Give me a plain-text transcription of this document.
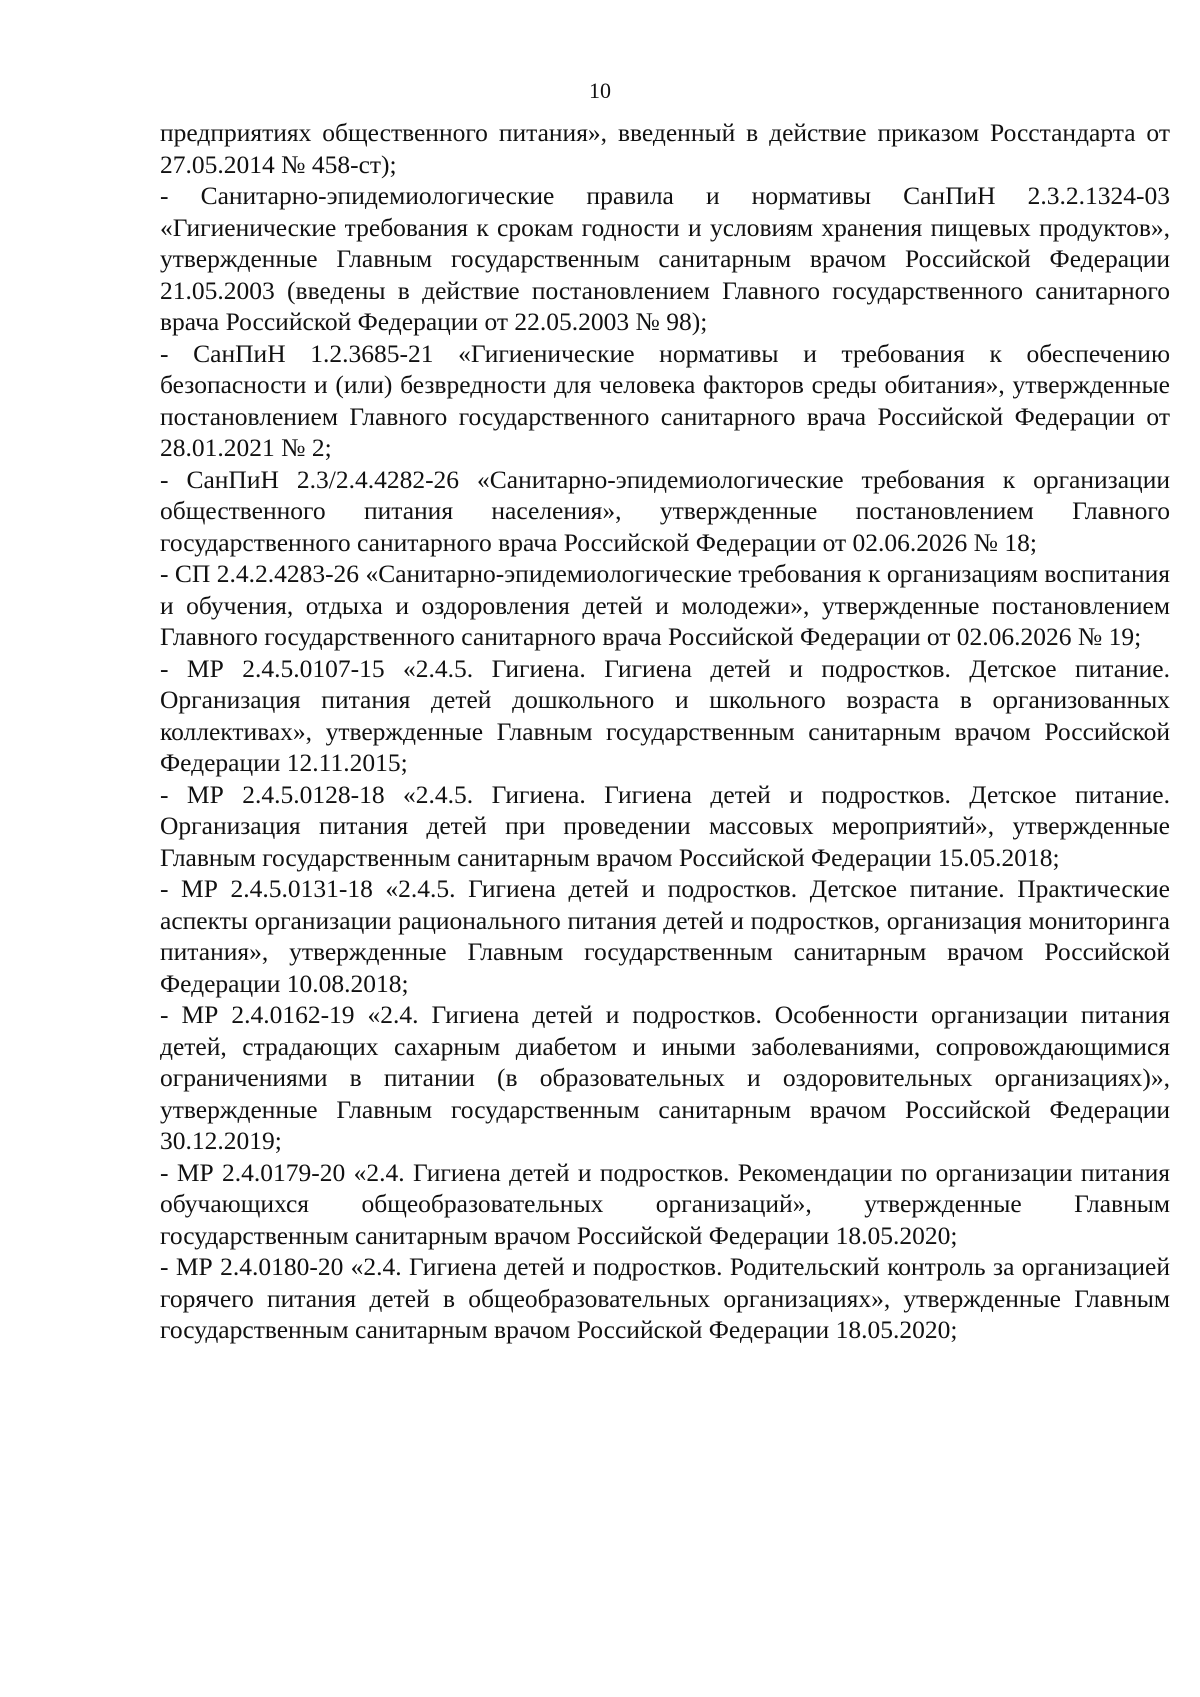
10

предприятиях общественного питания», введенный в действие приказом Росстандарта от 27.05.2014 № 458-ст);

- Санитарно-эпидемиологические правила и нормативы СанПиН 2.3.2.1324-03 «Гигиенические требования к срокам годности и условиям хранения пищевых продуктов», утвержденные Главным государственным санитарным врачом Российской Федерации 21.05.2003 (введены в действие постановлением Главного государственного санитарного врача Российской Федерации от 22.05.2003 № 98);

- СанПиН 1.2.3685-21 «Гигиенические нормативы и требования к обеспечению безопасности и (или) безвредности для человека факторов среды обитания», утвержденные постановлением Главного государственного санитарного врача Российской Федерации от 28.01.2021 № 2;

- СанПиН 2.3/2.4.4282-26 «Санитарно-эпидемиологические требования к организации общественного питания населения», утвержденные постановлением Главного государственного санитарного врача Российской Федерации от 02.06.2026 № 18;

- СП 2.4.2.4283-26 «Санитарно-эпидемиологические требования к организациям воспитания и обучения, отдыха и оздоровления детей и молодежи», утвержденные постановлением Главного государственного санитарного врача Российской Федерации от 02.06.2026 № 19;

- МР 2.4.5.0107-15 «2.4.5. Гигиена. Гигиена детей и подростков. Детское питание. Организация питания детей дошкольного и школьного возраста в организованных коллективах», утвержденные Главным государственным санитарным врачом Российской Федерации 12.11.2015;

- МР 2.4.5.0128-18 «2.4.5. Гигиена. Гигиена детей и подростков. Детское питание. Организация питания детей при проведении массовых мероприятий», утвержденные Главным государственным санитарным врачом Российской Федерации 15.05.2018;

- МР 2.4.5.0131-18 «2.4.5. Гигиена детей и подростков. Детское питание. Практические аспекты организации рационального питания детей и подростков, организация мониторинга питания», утвержденные Главным государственным санитарным врачом Российской Федерации 10.08.2018;

- МР 2.4.0162-19 «2.4. Гигиена детей и подростков. Особенности организации питания детей, страдающих сахарным диабетом и иными заболеваниями, сопровождающимися ограничениями в питании (в образовательных и оздоровительных организациях)», утвержденные Главным государственным санитарным врачом Российской Федерации 30.12.2019;

- МР 2.4.0179-20 «2.4. Гигиена детей и подростков. Рекомендации по организации питания обучающихся общеобразовательных организаций», утвержденные Главным государственным санитарным врачом Российской Федерации 18.05.2020;

- МР 2.4.0180-20 «2.4. Гигиена детей и подростков. Родительский контроль за организацией горячего питания детей в общеобразовательных организациях», утвержденные Главным государственным санитарным врачом Российской Федерации 18.05.2020;
